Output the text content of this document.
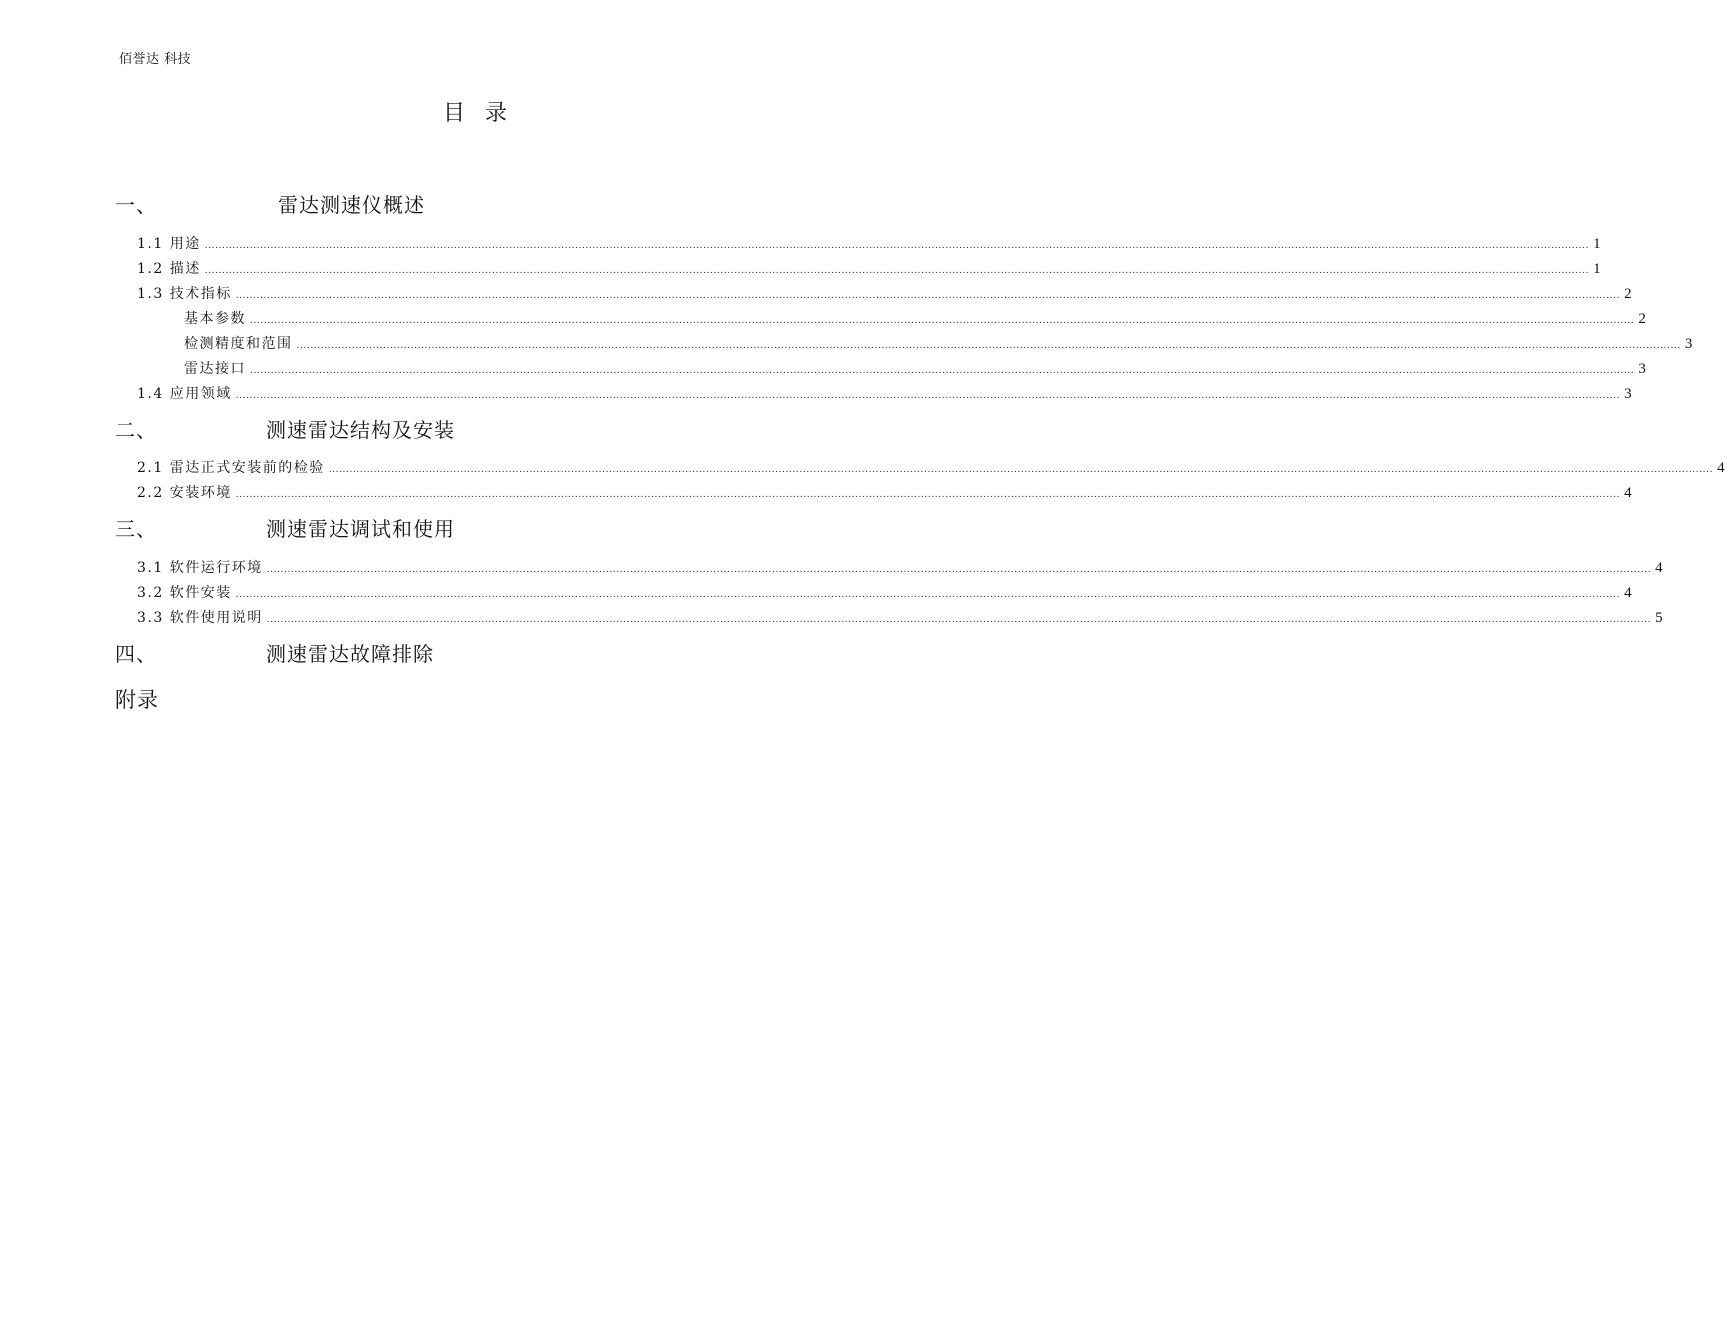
佰誉达 科技
目录
一、	雷达测速仪概述
1.1 用途 ................................................................................................................................................................................................................................................................................................................................................................................................................ 1
1.2 描述 ................................................................................................................................................................................................................................................................................................................................................................................................................ 1
1.3 技术指标 ................................................................................................................................................................................................................................................................................................................................................................................................................ 2
基本参数 ................................................................................................................................................................................................................................................................................................................................................................................................................ 2
检测精度和范围 ................................................................................................................................................................................................................................................................................................................................................................................................................ 3
雷达接口 ................................................................................................................................................................................................................................................................................................................................................................................................................ 3
1.4 应用领域 ................................................................................................................................................................................................................................................................................................................................................................................................................ 3
二、	测速雷达结构及安装
2.1 雷达正式安装前的检验 ................................................................................................................................................................................................................................................................................................................................................................................................................ 4
2.2 安装环境 ................................................................................................................................................................................................................................................................................................................................................................................................................ 4
三、	测速雷达调试和使用
3.1 软件运行环境 ................................................................................................................................................................................................................................................................................................................................................................................................................ 4
3.2 软件安装 ................................................................................................................................................................................................................................................................................................................................................................................................................ 4
3.3 软件使用说明 ................................................................................................................................................................................................................................................................................................................................................................................................................ 5
四、	测速雷达故障排除
附录
